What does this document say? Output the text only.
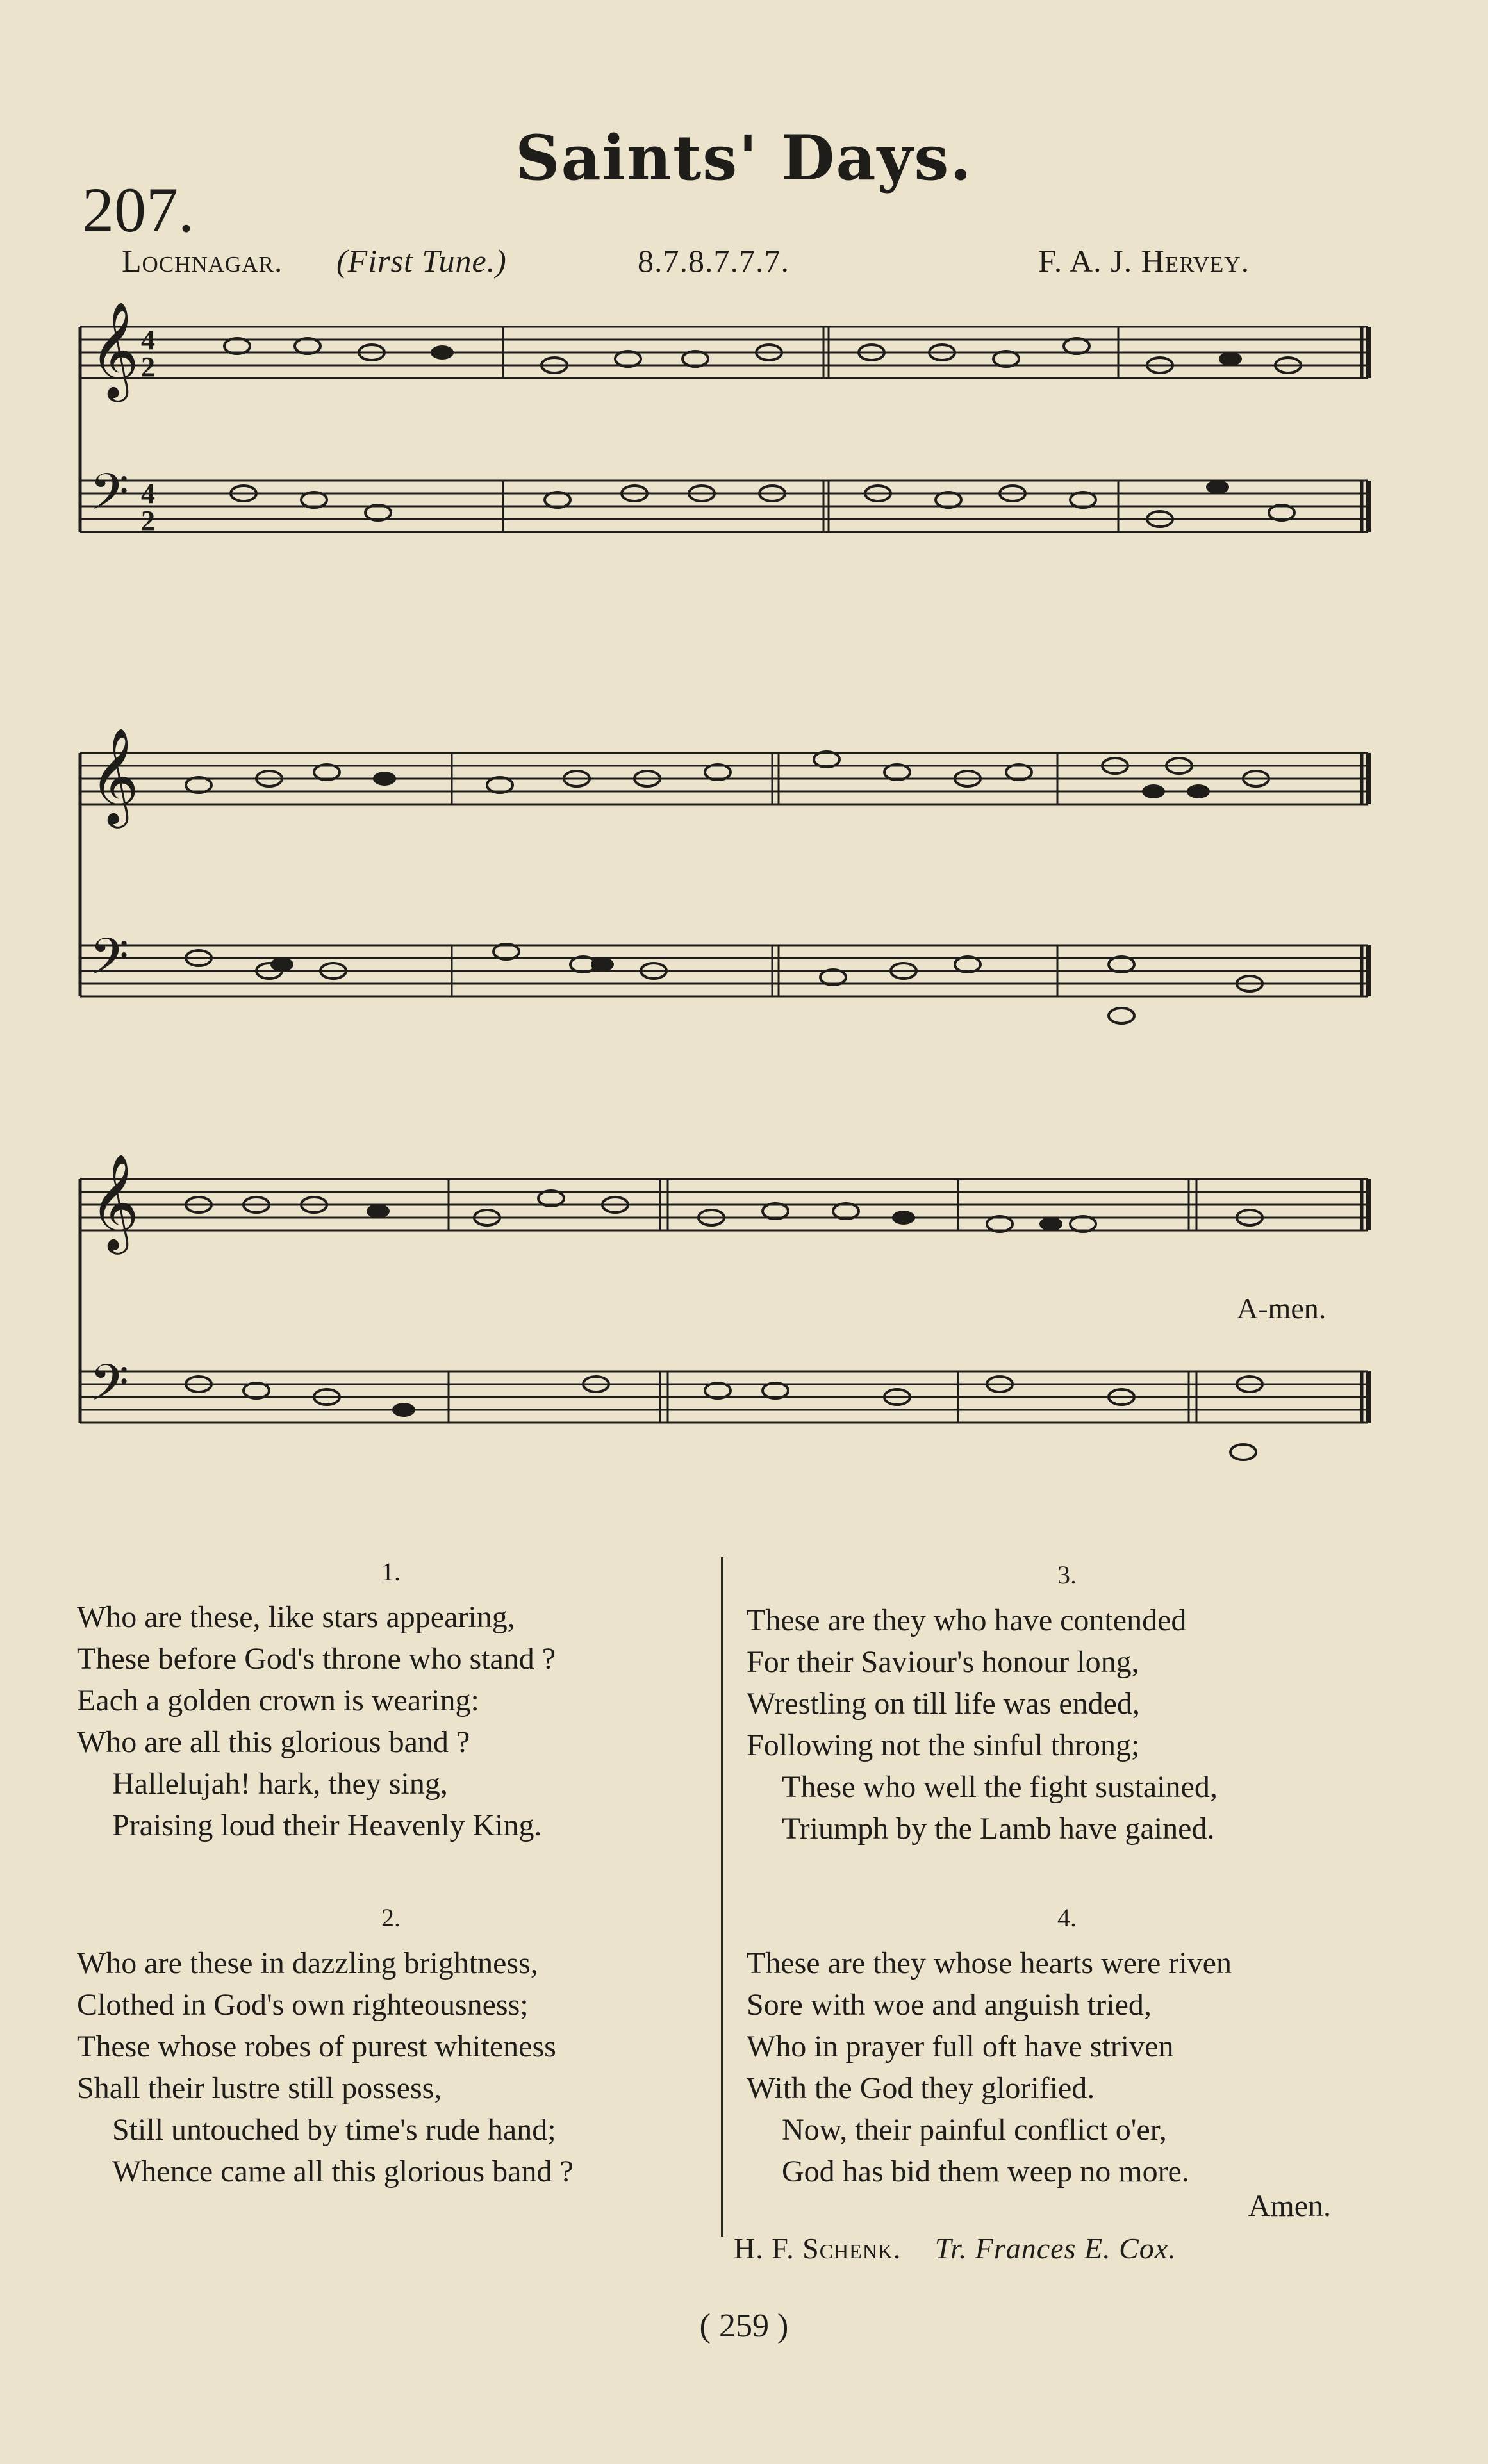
Saints' Days.
207.
Lochnagar. (First Tune.)	8.7.8.7.7.7.	F. A. J. Hervey.
𝄞
𝄢
4
2
4
2
𝄞
𝄢
𝄞
𝄢
A-men.
1.
Who are these, like stars appearing,
These before God's throne who stand ?
Each a golden crown is wearing:
Who are all this glorious band ?
Hallelujah! hark, they sing,
Praising loud their Heavenly King.
2.
Who are these in dazzling brightness,
Clothed in God's own righteousness;
These whose robes of purest whiteness
Shall their lustre still possess,
Still untouched by time's rude hand;
Whence came all this glorious band ?
3.
These are they who have contended
For their Saviour's honour long,
Wrestling on till life was ended,
Following not the sinful throng;
These who well the fight sustained,
Triumph by the Lamb have gained.
4.
These are they whose hearts were riven
Sore with woe and anguish tried,
Who in prayer full oft have striven
With the God they glorified.
Now, their painful conflict o'er,
God has bid them weep no more.
Amen.
H. F. Schenk. Tr. Frances E. Cox.
( 259 )
